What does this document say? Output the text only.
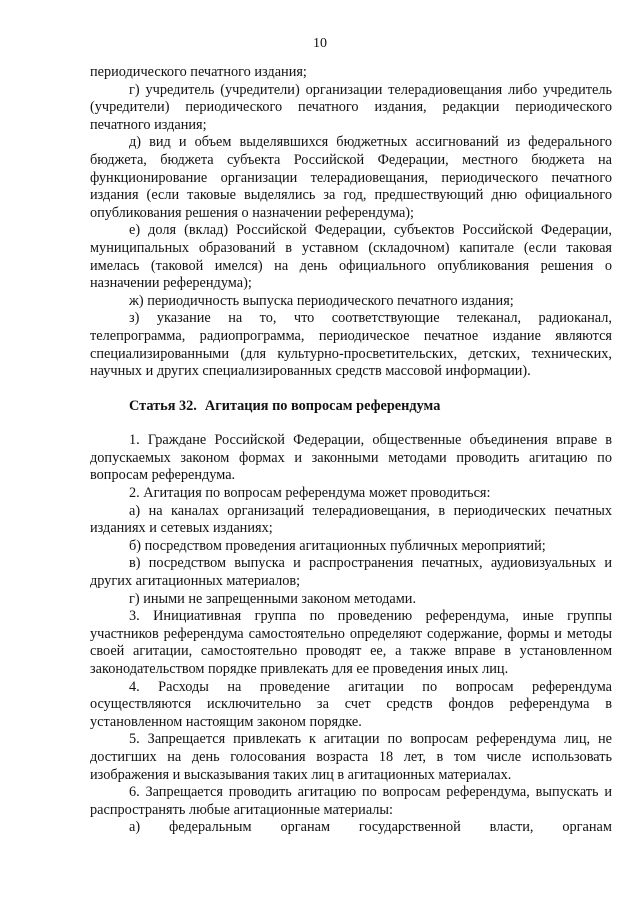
10

периодического печатного издания;

г) учредитель (учредители) организации телерадиовещания либо учредитель (учредители) периодического печатного издания, редакции периодического печатного издания;

д) вид и объем выделявшихся бюджетных ассигнований из федерального бюджета, бюджета субъекта Российской Федерации, местного бюджета на функционирование организации телерадиовещания, периодического печатного издания (если таковые выделялись за год, предшествующий дню официального опубликования решения о назначении референдума);

е) доля (вклад) Российской Федерации, субъектов Российской Федерации, муниципальных образований в уставном (складочном) капитале (если таковая имелась (таковой имелся) на день официального опубликования решения о назначении референдума);

ж) периодичность выпуска периодического печатного издания;

з) указание на то, что соответствующие телеканал, радиоканал, телепрограмма, радиопрограмма, периодическое печатное издание являются специализированными (для культурно-просветительских, детских, технических, научных и других специализированных средств массовой информации).

Статья 32. Агитация по вопросам референдума

1. Граждане Российской Федерации, общественные объединения вправе в допускаемых законом формах и законными методами проводить агитацию по вопросам референдума.

2. Агитация по вопросам референдума может проводиться:

а) на каналах организаций телерадиовещания, в периодических печатных изданиях и сетевых изданиях;

б) посредством проведения агитационных публичных мероприятий;

в) посредством выпуска и распространения печатных, аудиовизуальных и других агитационных материалов;

г) иными не запрещенными законом методами.

3. Инициативная группа по проведению референдума, иные группы участников референдума самостоятельно определяют содержание, формы и методы своей агитации, самостоятельно проводят ее, а также вправе в установленном законодательством порядке привлекать для ее проведения иных лиц.

4. Расходы на проведение агитации по вопросам референдума осуществляются исключительно за счет средств фондов референдума в установленном настоящим законом порядке.

5. Запрещается привлекать к агитации по вопросам референдума лиц, не достигших на день голосования возраста 18 лет, в том числе использовать изображения и высказывания таких лиц в агитационных материалах.

6. Запрещается проводить агитацию по вопросам референдума, выпускать и распространять любые агитационные материалы:

а) федеральным органам государственной власти, органам
